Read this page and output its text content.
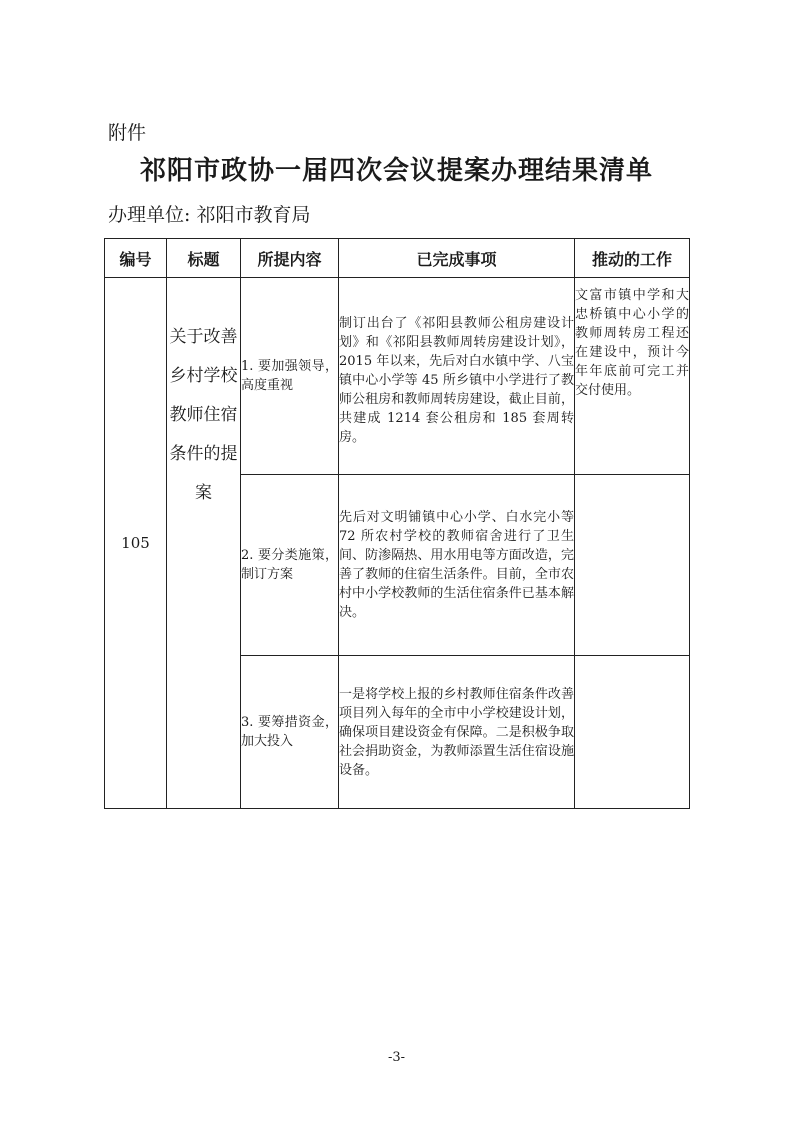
附件
祁阳市政协一届四次会议提案办理结果清单
办理单位: 祁阳市教育局
编号	标题	所提内容	已完成事项	推动的工作
105	关于改善乡村学校教师住宿条件的提案	1. 要加强领导，高度重视	制订出台了《祁阳县教师公租房建设计划》和《祁阳县教师周转房建设计划》，2015 年以来，先后对白水镇中学、八宝镇中心小学等 45 所乡镇中小学进行了教师公租房和教师周转房建设，截止目前，共建成 1214 套公租房和 185 套周转房。	文富市镇中学和大忠桥镇中心小学的教师周转房工程还在建设中，预计今年年底前可完工并交付使用。
		2. 要分类施策，制订方案	先后对文明铺镇中心小学、白水完小等 72 所农村学校的教师宿舍进行了卫生间、防渗隔热、用水用电等方面改造，完善了教师的住宿生活条件。目前，全市农村中小学校教师的生活住宿条件已基本解决。	
		3. 要筹措资金，加大投入	一是将学校上报的乡村教师住宿条件改善项目列入每年的全市中小学校建设计划，确保项目建设资金有保障。二是积极争取社会捐助资金，为教师添置生活住宿设施设备。	
-3-
